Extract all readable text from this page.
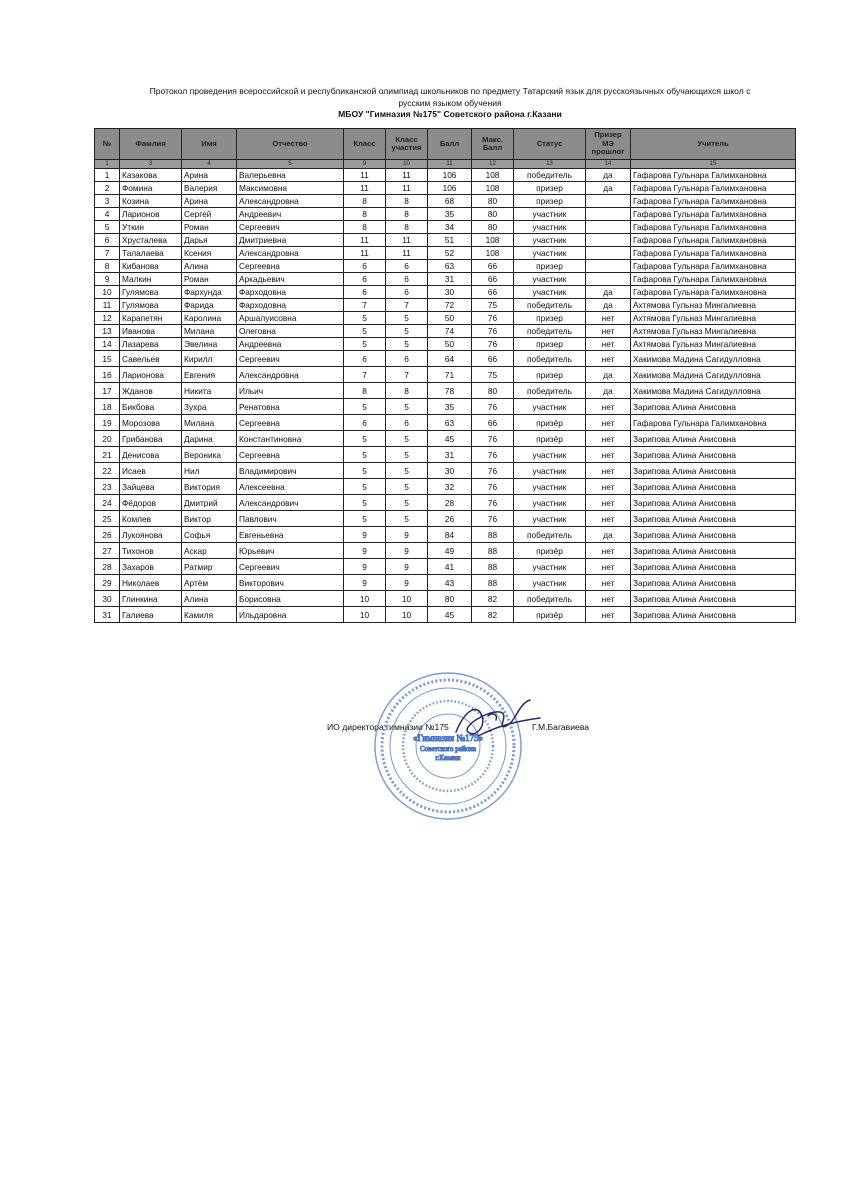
Протокол проведения всероссийской и республиканской олимпиад школьников по предмету Татарский язык для русскоязычных обучающихся школ с
русским языком обучения
МБОУ "Гимназия №175" Советского района г.Казани
№	Фамлия	Имя	Отчество	Класс	Класс участия	Балл	Макс. Балл	Статус	Призер МЭ прошлог	Учитель
1	3	4	5	9	10	11	12	13	14	15
1	Казакова	Арина	Валерьевна	11	11	106	108	победитель	да	Гафарова Гульнара Галимхановна
2	Фомина	Валерия	Максимовна	11	11	106	108	призер	да	Гафарова Гульнара Галимхановна
3	Козина	Арина	Александровна	8	8	68	80	призер		Гафарова Гульнара Галимхановна
4	Ларионов	Сергей	Андреевич	8	8	35	80	участник		Гафарова Гульнара Галимхановна
5	Уткин	Роман	Сергеевич	8	8	34	80	участник		Гафарова Гульнара Галимхановна
6	Хрусталева	Дарья	Дмитриевна	11	11	51	108	участник		Гафарова Гульнара Галимхановна
7	Талалаева	Ксения	Александровна	11	11	52	108	участник		Гафарова Гульнара Галимхановна
8	Кибанова	Алина	Сергеевна	6	6	63	66	призер		Гафарова Гульнара Галимхановна
9	Малкин	Роман	Аркадьевич	6	6	31	66	участник		Гафарова Гульнара Галимхановна
10	Гулямова	Фархунда	Фарходовна	6	6	30	66	участник	да	Гафарова Гульнара Галимхановна
11	Гулямова	Фарида	Фарходовна	7	7	72	75	победитель	да	Ахтямова Гульназ Мингалиевна
12	Карапетян	Каролина	Аршалуисовна	5	5	50	76	призер	нет	Ахтямова Гульназ Мингалиевна
13	Иванова	Милана	Олеговна	5	5	74	76	победитель	нет	Ахтямова Гульназ Мингалиевна
14	Лазарева	Эвелина	Андреевна	5	5	50	76	призер	нет	Ахтямова Гульназ Мингалиевна
15	Савельев	Кирилл	Сергеевич	6	6	64	66	победитель	нет	Хакимова Мадина Сагидулловна
16	Ларионова	Евгения	Александровна	7	7	71	75	призер	да	Хакимова Мадина Сагидулловна
17	Жданов	Никита	Ильич	8	8	78	80	победитель	да	Хакимова Мадина Сагидулловна
18	Бикбова	Зухра	Ренатовна	5	5	35	76	участник	нет	Зарипова Алина Анисовна
19	Морозова	Милана	Сергеевна	6	6	63	66	призёр	нет	Гафарова Гульнара Галимхановна
20	Грибанова	Дарина	Константиновна	5	5	45	76	призёр	нет	Зарипова Алина Анисовна
21	Денисова	Вероника	Сергеевна	5	5	31	76	участник	нет	Зарипова Алина Анисовна
22	Исаев	Нил	Владимирович	5	5	30	76	участник	нет	Зарипова Алина Анисовна
23	Зайцева	Виктория	Алексеевна	5	5	32	76	участник	нет	Зарипова Алина Анисовна
24	Фёдоров	Дмитрий	Александрович	5	5	28	76	участник	нет	Зарипова Алина Анисовна
25	Комлев	Виктор	Павлович	5	5	26	76	участник	нет	Зарипова Алина Анисовна
26	Лукоянова	Софья	Евгеньевна	9	9	84	88	победитель	да	Зарипова Алина Анисовна
27	Тихонов	Аскар	Юрьевич	9	9	49	88	призёр	нет	Зарипова Алина Анисовна
28	Захаров	Ратмир	Сергеевич	9	9	41	88	участник	нет	Зарипова Алина Анисовна
29	Николаев	Артём	Викторович	9	9	43	88	участник	нет	Зарипова Алина Анисовна
30	Глинкина	Алина	Борисовна	10	10	80	82	победитель	нет	Зарипова Алина Анисовна
31	Галиева	Камиля	Ильдаровна	10	10	45	82	призёр	нет	Зарипова Алина Анисовна
ИО директора гимназии №175	Г.М.Багавиева
«Гимназия №175»
Советского района
г.Казани
